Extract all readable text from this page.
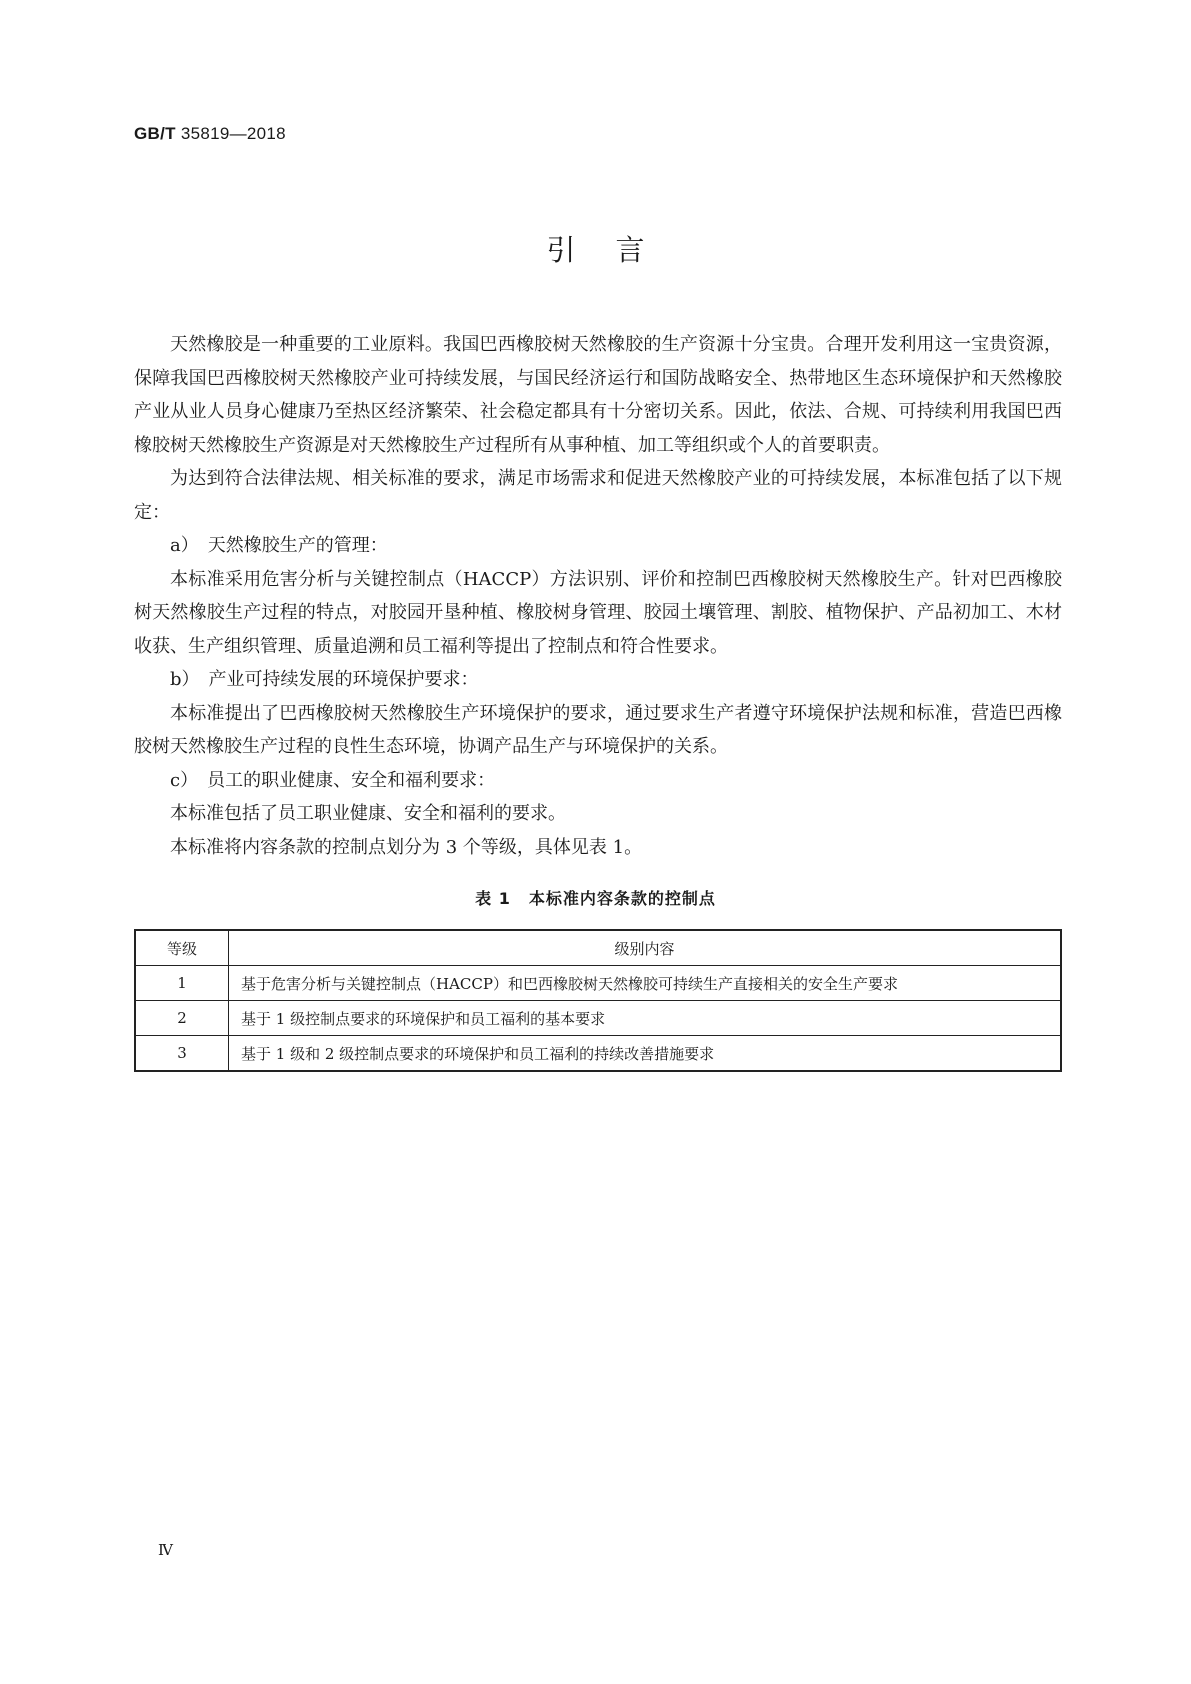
GB/T 35819—2018
引言

天然橡胶是一种重要的工业原料。我国巴西橡胶树天然橡胶的生产资源十分宝贵。合理开发利用这一宝贵资源，保障我国巴西橡胶树天然橡胶产业可持续发展，与国民经济运行和国防战略安全、热带地区生态环境保护和天然橡胶产业从业人员身心健康乃至热区经济繁荣、社会稳定都具有十分密切关系。因此，依法、合规、可持续利用我国巴西橡胶树天然橡胶生产资源是对天然橡胶生产过程所有从事种植、加工等组织或个人的首要职责。

为达到符合法律法规、相关标准的要求，满足市场需求和促进天然橡胶产业的可持续发展，本标准包括了以下规定：

a）　天然橡胶生产的管理：

本标准采用危害分析与关键控制点（HACCP）方法识别、评价和控制巴西橡胶树天然橡胶生产。针对巴西橡胶树天然橡胶生产过程的特点，对胶园开垦种植、橡胶树身管理、胶园土壤管理、割胶、植物保护、产品初加工、木材收获、生产组织管理、质量追溯和员工福利等提出了控制点和符合性要求。

b）　产业可持续发展的环境保护要求：

本标准提出了巴西橡胶树天然橡胶生产环境保护的要求，通过要求生产者遵守环境保护法规和标准，营造巴西橡胶树天然橡胶生产过程的良性生态环境，协调产品生产与环境保护的关系。

c）　员工的职业健康、安全和福利要求：

本标准包括了员工职业健康、安全和福利的要求。

本标准将内容条款的控制点划分为 3 个等级，具体见表 1。

表 1 本标准内容条款的控制点
等级	级别内容
1	基于危害分析与关键控制点（HACCP）和巴西橡胶树天然橡胶可持续生产直接相关的安全生产要求
2	基于 1 级控制点要求的环境保护和员工福利的基本要求
3	基于 1 级和 2 级控制点要求的环境保护和员工福利的持续改善措施要求
Ⅳ
